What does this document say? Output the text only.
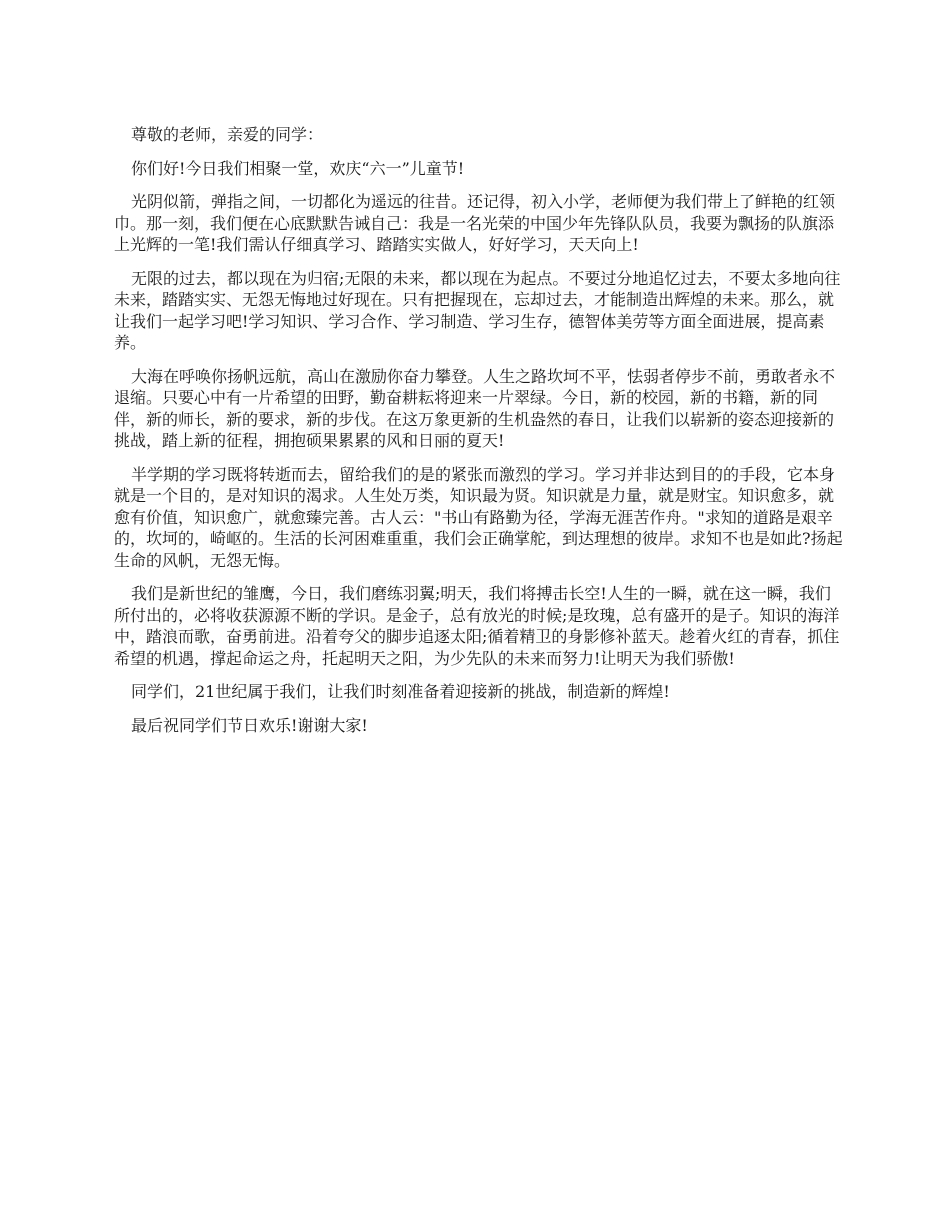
尊敬的老师，亲爱的同学：

你们好!今日我们相聚一堂，欢庆“六一”儿童节!

光阴似箭，弹指之间，一切都化为遥远的往昔。还记得，初入小学，老师便为我们带上了鲜艳的红领巾。那一刻，我们便在心底默默告诫自己：我是一名光荣的中国少年先锋队队员，我要为飘扬的队旗添上光辉的一笔!我们需认仔细真学习、踏踏实实做人，好好学习，天天向上!

无限的过去，都以现在为归宿;无限的未来，都以现在为起点。不要过分地追忆过去，不要太多地向往未来，踏踏实实、无怨无悔地过好现在。只有把握现在，忘却过去，才能制造出辉煌的未来。那么，就让我们一起学习吧!学习知识、学习合作、学习制造、学习生存，德智体美劳等方面全面进展，提高素养。

大海在呼唤你扬帆远航，高山在激励你奋力攀登。人生之路坎坷不平，怯弱者停步不前，勇敢者永不退缩。只要心中有一片希望的田野，勤奋耕耘将迎来一片翠绿。今日，新的校园，新的书籍，新的同伴，新的师长，新的要求，新的步伐。在这万象更新的生机盎然的春日，让我们以崭新的姿态迎接新的挑战，踏上新的征程，拥抱硕果累累的风和日丽的夏天!

半学期的学习既将转逝而去，留给我们的是的紧张而激烈的学习。学习并非达到目的的手段，它本身就是一个目的，是对知识的渴求。人生处万类，知识最为贤。知识就是力量，就是财宝。知识愈多，就愈有价值，知识愈广，就愈臻完善。古人云："书山有路勤为径，学海无涯苦作舟。"求知的道路是艰辛的，坎坷的，崎岖的。生活的长河困难重重，我们会正确掌舵，到达理想的彼岸。求知不也是如此?扬起生命的风帆，无怨无悔。

我们是新世纪的雏鹰，今日，我们磨练羽翼;明天，我们将搏击长空!人生的一瞬，就在这一瞬，我们所付出的，必将收获源源不断的学识。是金子，总有放光的时候;是玫瑰，总有盛开的是子。知识的海洋中，踏浪而歌，奋勇前进。沿着夸父的脚步追逐太阳;循着精卫的身影修补蓝天。趁着火红的青春，抓住希望的机遇，撑起命运之舟，托起明天之阳，为少先队的未来而努力!让明天为我们骄傲!

同学们，21世纪属于我们，让我们时刻准备着迎接新的挑战，制造新的辉煌!

最后祝同学们节日欢乐!谢谢大家!
